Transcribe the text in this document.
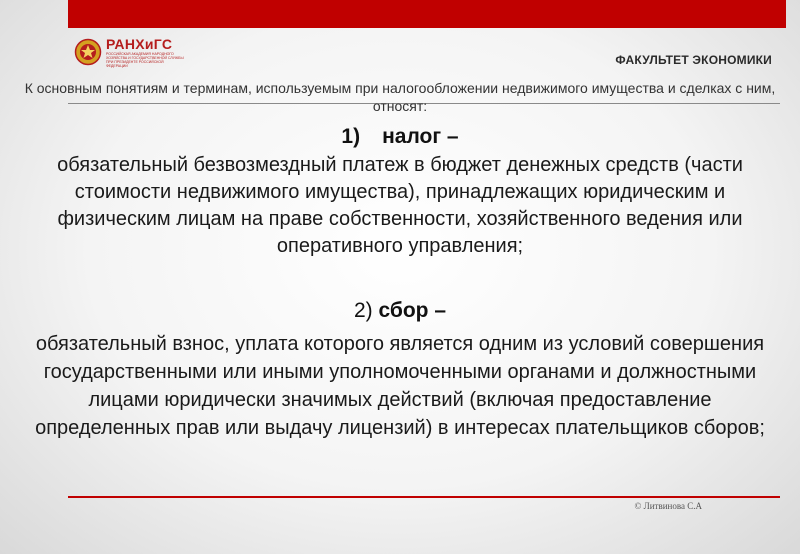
РАНХиГС
РОССИЙСКАЯ АКАДЕМИЯ НАРОДНОГО ХОЗЯЙСТВА И ГОСУДАРСТВЕННОЙ СЛУЖБЫ ПРИ ПРЕЗИДЕНТЕ РОССИЙСКОЙ ФЕДЕРАЦИИ	ФАКУЛЬТЕТ ЭКОНОМИКИ
К основным понятиям и терминам, используемым при налогообложении недвижимого имущества и сделках с ним, относят:
1) налог –
обязательный безвозмездный платеж в бюджет денежных средств (части стоимости недвижимого имущества), принадлежащих юридическим и физическим лицам на праве собственности, хозяйственного ведения или оперативного управления;
2) сбор –
обязательный взнос, уплата которого является одним из условий совершения государственными или иными уполномоченными органами и должностными лицами юридически значимых действий (включая предоставление определенных прав или выдачу лицензий) в интересах плательщиков сборов;
© Литвинова С.А
